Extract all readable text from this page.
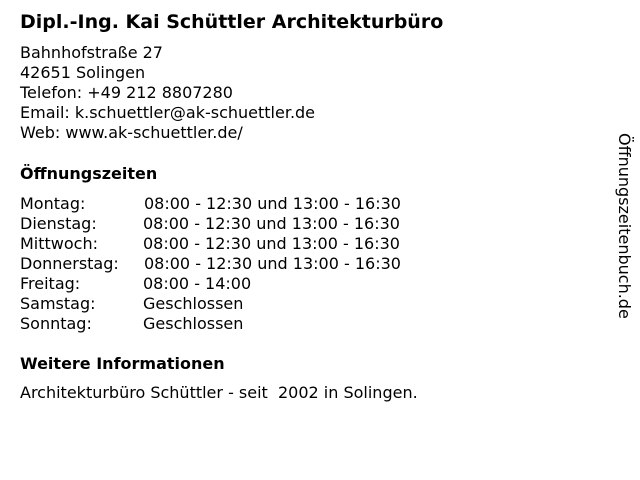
Dipl.-Ing. Kai Schüttler Architekturbüro
Bahnhofstraße 27
42651 Solingen
Telefon: +49 212 8807280
Email: k.schuettler@ak-schuettler.de
Web: www.ak-schuettler.de/
Öffnungszeiten
Montag:	08:00 - 12:30 und 13:00 - 16:30
Dienstag:	08:00 - 12:30 und 13:00 - 16:30
Mittwoch:	08:00 - 12:30 und 13:00 - 16:30
Donnerstag: 08:00 - 12:30 und 13:00 - 16:30
Freitag:	08:00 - 14:00
Samstag:	Geschlossen
Sonntag:	Geschlossen
Weitere Informationen
Architekturbüro Schüttler - seit  2002 in Solingen.
Öffnungszeitenbuch.de
